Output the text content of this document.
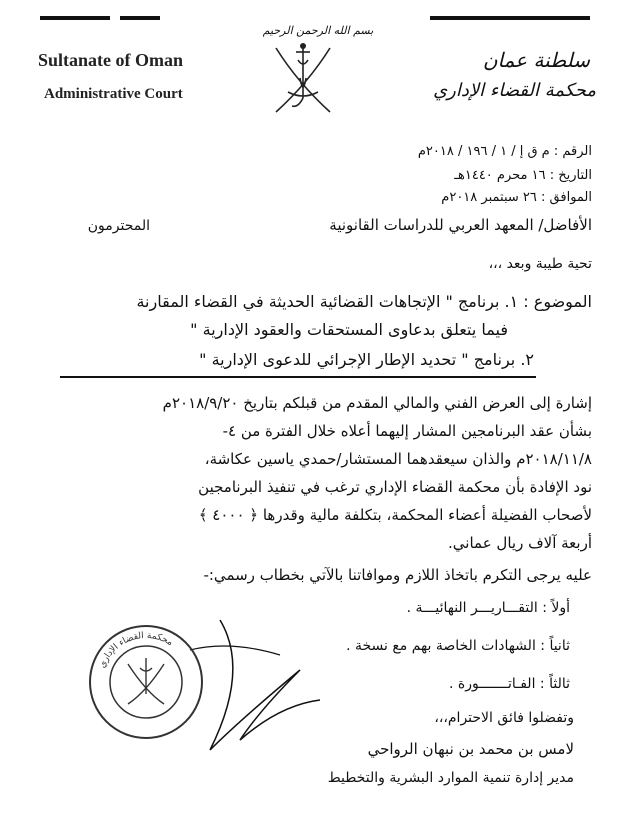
بسم الله الرحمن الرحيم
Sultanate of Oman
Administrative Court
سلطنة عمان
محكمة القضاء الإداري
الرقم : م ق إ / ١ / ١٩٦ / ٢٠١٨م
التاريخ : ١٦ محرم ١٤٤٠هـ
الموافق : ٢٦ سبتمبر ٢٠١٨م
الأفاضل/ المعهد العربي للدراسات القانونية
المحترمون
تحية طيبة وبعد ،،،
الموضوع : ١. برنامج " الإتجاهات القضائية الحديثة في القضاء المقارنة
فيما يتعلق بدعاوى المستحقات والعقود الإدارية "
٢. برنامج " تحديد الإطار الإجرائي للدعوى الإدارية "
إشارة إلى العرض الفني والمالي المقدم من قبلكم بتاريخ ٢٠١٨/٩/٢٠م
بشأن عقد البرنامجين المشار إليهما أعلاه خلال الفترة من ٤-
٢٠١٨/١١/٨م والذان سيعقدهما المستشار/حمدي ياسين عكاشة،
نود الإفادة بأن محكمة القضاء الإداري ترغب في تنفيذ البرنامجين
لأصحاب الفضيلة أعضاء المحكمة، بتكلفة مالية وقدرها ﴿ ٤٠٠٠ ﴾
أربعة آلاف ريال عماني.
عليه يرجى التكرم باتخاذ اللازم وموافاتنا بالآتي بخطاب رسمي:-
أولاً : التقـــاريـــر النهائيـــة .
ثانياً : الشهادات الخاصة بهم مع نسخة .
ثالثاً : الفـاتـــــــورة .
وتفضلوا فائق الاحترام،،،
لامس بن محمد بن نبهان الرواحي
مدير إدارة تنمية الموارد البشرية والتخطيط
محكمة القضاء الإداري
